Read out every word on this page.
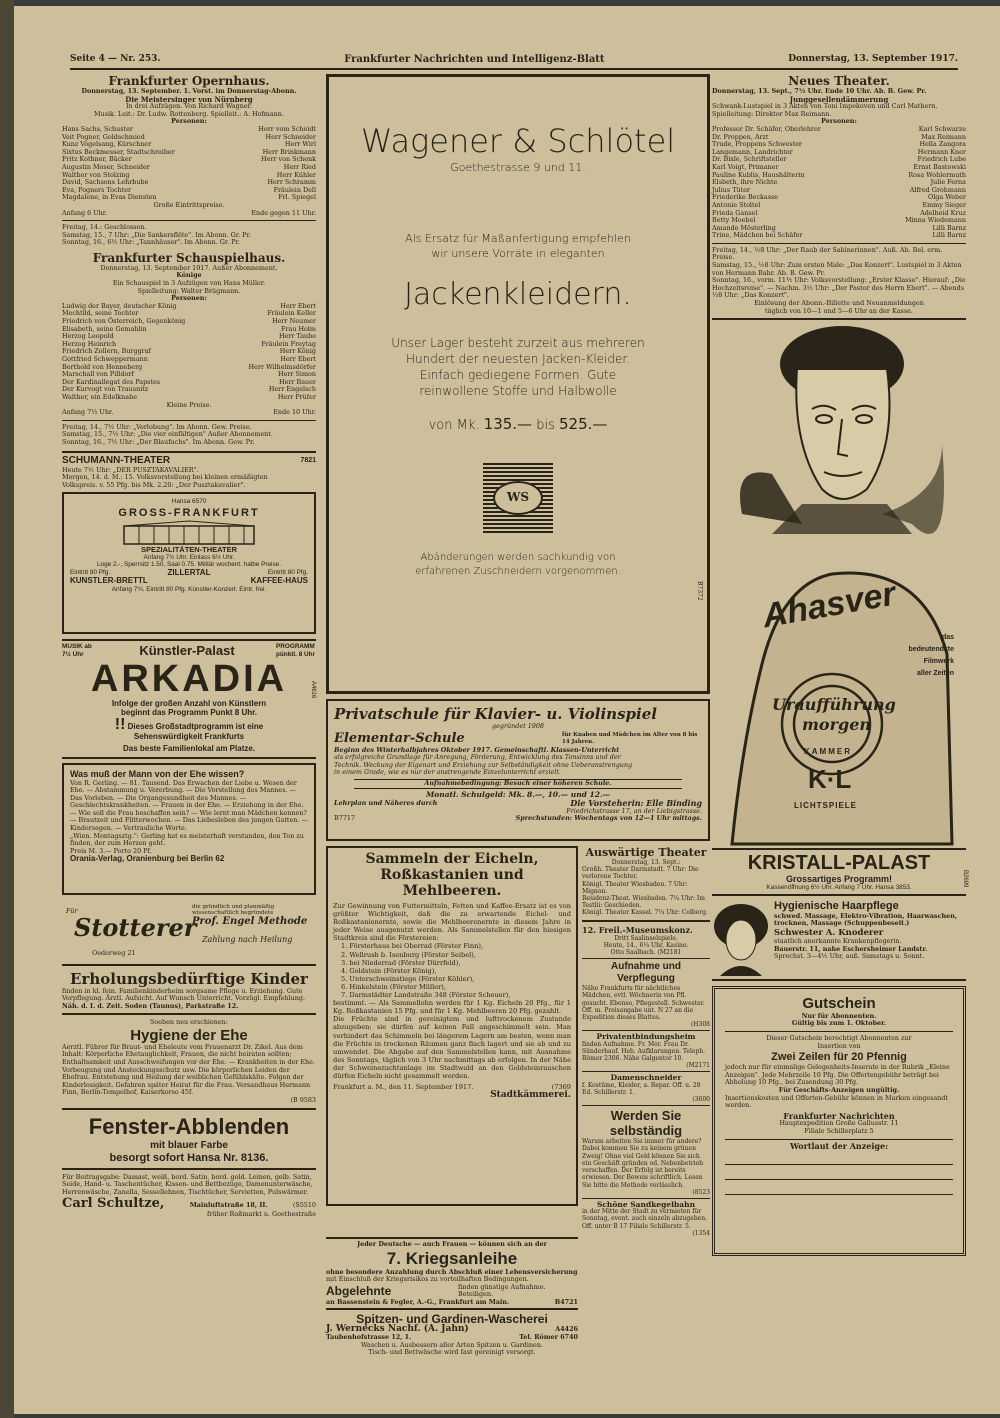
Seite 4 — Nr. 253.	Frankfurter Nachrichten und Intelligenz-Blatt	Donnerstag, 13. September 1917.
Frankfurter Opernhaus.
Donnerstag, 13. September. 1. Vorst. im Donnerstag-Abonn.
Die Meistersinger von Nürnberg
In drei Aufzügen. Von Richard Wagner.
Musik. Leit.: Dr. Ludw. Rottenberg. Spielleit.: A. Hofmann.
Personen:
Hans Sachs, Schuster	Herr vom Scheidt
Veit Pogner, Goldschmied	Herr Schneider
Kunz Vogelsang, Kürschner	Herr Wirl
Sixtus Beckmesser, Stadtschreiber	Herr Brinkmann
Fritz Kothner, Bäcker	Herr von Schenk
Augustin Moser, Schneider	Herr Ried
Walther von Stolzing	Herr Kühler
David, Sachsens Lehrbube	Herr Schramm
Eva, Pogners Tochter	Fräulein Dell
Magdalene, in Evas Diensten	Frl. Spiegel
Große Eintrittspreise.
Anfang 6 Uhr.	Ende gegen 11 Uhr.
Freitag, 14.: Geschlossen.
Samstag, 15., 7 Uhr: „Die Sankersflöte". Im Abonn. Gr. Pr.
Sonntag, 16., 6½ Uhr: „Tannhäuser". Im Abonn. Gr. Pr.
Frankfurter Schauspielhaus.
Donnerstag, 13. September 1917. Außer Abonnement.
Könige
Ein Schauspiel in 3 Aufzügen von Hans Müller.
Spielleitung: Walter Brügmann.
Personen:
Ludwig der Bayer, deutscher König	Herr Ebert
Mechtild, seine Tochter	Fräulein Keller
Friedrich von Österreich, Gegenkönig	Herr Neumer
Elisabeth, seine Gemahlin	Frau Holm
Herzog Leopold	Herr Taube
Herzog Heinrich	Fräulein Freytag
Friedrich Zollern, Burggraf	Herr König
Gottfried Schweppermann	Herr Ebert
Berthold von Henneberg	Herr Wilhelmsdörfer
Marschall von Pilldorf	Herr Simon
Der Kardinallegat des Papstes	Herr Bauer
Der Kurvogt von Trausnitz	Herr Engelsch
Walther, ein Edelknabe	Herr Prüfer
Kleine Preise.
Anfang 7½ Uhr.	Ende 10 Uhr.
Freitag, 14., 7½ Uhr: „Verlobung". Im Abonn. Gew. Preise.
Samstag, 15., 7½ Uhr: „Die vier einfältigen" Außer Abonnement.
Sonntag, 16., 7½ Uhr: „Der Blaufuchs". Im Abonn. Gew. Pr.
SCHUMANN-THEATER	7821
Heute 7½ Uhr: „DER PUSZTAKAVALIER".
Morgen, 14. d. M.: 15. Volksvorstellung bei kleinen ermäßigten
Volkspreis. v. 55 Pfg. bis Mk. 2.20: „Der Pusztakavalier".
Hansa 6570
GROSS-FRANKFURT
SPEZIALITÄTEN-THEATER
Anfang 7½ Uhr. Einlass 6½ Uhr.
Loge 2.-, Sperrsitz 1.50, Saal 0.75. Militär wochent. halbe Preise.
Eintritt 80 Pfg.	ZILLERTAL	Eintritt 80 Pfg.
KUNSTLER-BRETTL	KAFFEE-HAUS
Anfang 7¾. Eintritt 80 Pfg. Künstler-Konzert. Eintr. frei.
MUSIK ab 7½ Uhr	Künstler-Palast	PROGRAMM pünktl. 8 Uhr
ARKADIA
Infolge der großen Anzahl von Künstlern
beginnt das Programm Punkt 8 Uhr.
!! Dieses Großstadtprogramm ist eine
Sehenswürdigkeit Frankfurts
Das beste Familienlokal am Platze.
A4616
Was muß der Mann von der Ehe wissen?
Von R. Gerling. — 81. Tausend. Das Erwachen der Liebe u. Wesen der Ehe. — Abstammung u. Vererbung. — Die Vorstellung des Mannes. — Das Vorleben. — Die Organgesundheit des Mannes. — Geschlechtskrankheiten. — Frauen in der Ehe. — Erziehung in der Ehe. — Wie soll die Frau beschaffen sein? — Wie lernt man Mädchen kennen? — Brautzeit und Flitterwochen. — Das Liebesleben des jungen Gatten. — Kindersegen. — Vertrauliche Worte.
„Wien. Montagsztg.": Gerling hat es meisterhaft verstanden, den Ton zu finden, der zum Herzen geht.
Preis M. 3.— Porto 20 Pf.
Orania-Verlag, Oranienburg bei Berlin 62
Für
Stotterer
die gründlich und planmäßig wissenschaftlich begründete
Prof. Engel Methode
Zahlung nach Heilung
Oederweg 21
Erholungsbedürftige Kinder
finden in kl. fein. Familienkinderheim sorgsame Pflege u. Erziehung. Gute Verpflegung. Ärztl. Aufsicht. Auf Wunsch Unterricht. Vorzügl. Empfehlung.
Näh. d. I. d. Zeit. Soden (Taunus), Parkstraße 12.
Soeben neu erschienen:
Hygiene der Ehe
Aerztl. Führer für Braut- und Eheleute vom Frauenarzt Dr. Zikel. Aus dem Inhalt: Körperliche Ehetauglichkeit, Frauen, die nicht heiraten sollten; Enthaltsamkeit und Ausschweifungen vor der Ehe. — Krankheiten in der Ehe. Vorbeugung und Ansteckungsschutz usw. Die körperlichen Leiden der Ehefrau. Entstehung und Heilung der weiblichen Gefühlskälte. Folgen der Kinderlosigkeit. Gefahren später Heirat für die Frau. Versandhaus Hermann Finn, Berlin-Tempelhof, Kaiserkorso 45f.
(B 9583
Fenster-Abblenden
mit blauer Farbe
besorgt sofort Hansa Nr. 8136.
Für Beitragsgabe: Damast, weiß, bord. Satin, bord. gold. Leinen, gelb. Satin, Seide, Hand- u. Taschentücher, Kissen- und Bettbezüge, Damenunterwäsche, Herrenwäsche, Zanella, Sessellehnen, Tischtücher, Servietten, Pulswärmer.
Carl Schultze,	Mainluftstraße 18, II.	(S5510
früher Roßmarkt u. Goethestraße
Wagener & Schlötel
Goethestrasse 9 und 11.
Als Ersatz für Maßanfertigung empfehlen
wir unsere Vorräte in eleganten
Jackenkleidern.
Unser Lager besteht zurzeit aus mehreren
Hundert der neuesten Jacken-Kleider.
Einfach gediegene Formen. Gute
reinwollene Stoffe und Halbwolle
von Mk. 135.— bis 525.—
WS
Abänderungen werden sachkundig von
erfahrenen Zuschneidern vorgenommen.
B7372
Privatschule für Klavier- u. Violinspiel
gegründet 1908
Elementar-Schule	für Knaben und Mädchen im Alter von 8 bis 14 Jahren.
Beginn des Winterhalbjahres Oktober 1917. Gemeinschaftl. Klassen-Unterricht
als erfolgreiche Grundlage für Anregung, Förderung, Entwicklung des Tonsinns und der
Technik. Weckung der Eigenart und Erziehung zur Selbständigkeit ohne Ueberanstrengung
in einem Grade, wie es nur der anstrengende Einzelunterricht erzielt.
Aufnahmebedingung: Besuch einer höheren Schule.
Monatl. Schulgeld: Mk. 8.—, 10.— und 12.—
Lehrplan und Näheres durch	Die Vorsteherin: Elle Binding
Friedrichstrasse 17, an der Liebigstrasse.
B7717	Sprechstunden: Wochentags von 12—1 Uhr mittags.
Sammeln der Eicheln,
Roßkastanien und Mehlbeeren.
Zur Gewinnung von Futtermitteln, Fetten und Kaffee-Ersatz ist es von größter Wichtigkeit, daß die zu erwartende Eichel- und Roßkastanienernte, sowie die Mehlbeerenernte in diesem Jahre in jeder Weise ausgenutzt werden. Als Sammelstellen für den hiesigen Stadtkreis sind die Förstereien:
1. Försterhaus bei Oberrad (Förster Finn),
2. Wellrush b. Isenburg (Förster Seibel),
3. bei Niederrad (Förster Dürrfeld),
4. Goldstein (Förster König),
5. Unterschweinstiege (Förster Köhler),
6. Hinkelstein (Förster Müller),
7. Darmstädter Landstraße 348 (Förster Scheuer),
bestimmt. — Als Sammellohn werden für 1 Kg. Eicheln 20 Pfg., für 1 Kg. Roßkastanien 15 Pfg. und für 1 Kg. Mehlbeeren 20 Pfg. gezahlt.
Die Früchte sind in gereinigtem und lufttrockenem Zustande abzugeben; sie dürfen auf keinen Fall angeschimmelt sein. Man verhindert das Schimmeln bei längerem Lagern am besten, wenn man die Früchte in trockenen Räumen ganz flach lagert und sie ab und zu umwendet. Die Abgabe auf den Sammelstellen kann, mit Ausnahme des Sonntags, täglich von 3 Uhr nachmittags ab erfolgen. In der Nähe der Schweinezuchtanlage im Stadtwald an den Goldsteinrauschen dürfen Eicheln nicht gesammelt werden.
Frankfurt a. M., den 11. September 1917.	(7369
Stadtkämmerei.
Auswärtige Theater
Donnerstag, 13. Sept.:
Großh. Theater Darmstadt. 7 Uhr: Die verlorene Tochter.
Königl. Theater Wiesbaden. 7 Uhr: Mignon.
Residenz-Theat. Wiesbaden. 7¼ Uhr: Im Testlii: Geschieden.
Königl. Theater Kassel. 7¼ Uhr: Colberg.
12. Freil.-Museumskonz.
Dritt Saalinselspiele.
Heute, 14., 6¼ Uhr, Kasino.
Otto Saalbach. (M2181
Aufnahme und Verpflegung
Nähe Frankfurts für nächtliches Mädchen, evtl. Wöchnerin von Pfl. gesucht. Ebenso, Pflegestell. Schwester. Off. m. Preisangabe unt. N 27 an die Expedition dieses Blattes.
(H308
Privatentbindungsheim
finden Aufnahme. Fr. Mor. Frau Dr. Sünderhauf. Heb. Aufklarungen. Teleph. Römer 2306. Nähe Galgentor 10.
(M2171
Damenschneider
f. Kostüme, Kleider, a. Repar. Off. u. 28 Ed. Schillerstr. 1.
(3600
Werden Sie
selbständig
Warum arbeiten Sie immer für andere? Dabei kommen Sie zu keinem grünen Zweig! Ohne viel Geld können Sie sich ein Geschäft gründen od. Nebenbetrieb verschaffen. Der Erfolg ist bereits erwiesen. Der Beweis schriftlich. Lesen Sie bitte die Methode verlässlich.
(8523
Schöne Sandkegelbahn
in der Mitte der Stadt zu vermieten für Sonntag, event. auch einzeln abzugeben. Off. unter B 17 Filiale Schillerstr. 5.
(1354
Jeder Deutsche — auch Frauen — können sich an der
7. Kriegsanleihe
ohne besondere Anzahlung durch Abschluß einer Lebensversicherung
mit Einschluß der Kriegsrisikos zu vorteilhaften Bedingungen.
Abgelehnte	finden günstige Aufnahme. Beteiligen.
an Bassenstein & Fegler, A.-G., Frankfurt am Main.	B4721
Spitzen- und Gardinen-Wascherei
J. Wernecks Nachf. (A. Jahn)	A4426
Taubenhofstrasse 12, 1.	Tel. Römer 6740
Waschen u. Ausbessern aller Arten Spitzen u. Gardinen.
Tisch- und Bettwäsche wird fast gereinigt versorgt.
Neues Theater.
Donnerstag, 13. Sept., 7½ Uhr. Ende 10 Uhr. Ab. B. Gew. Pr.
Junggesellendämmerung
Schwank-Lustspiel in 3 Akten von Toni Impekoven und Carl Mathern. Spielleitung: Direktor Max Reimann.
Personen:
Professor Dr. Schäfer, Oberlehrer	Karl Schwarze
Dr. Proppen, Arzt	Max Reimann
Trude, Proppens Schwester	Hella Zangora
Langemann, Landrichter	Hermann Kner
Dr. Bixle, Schriftsteller	Friedrich Lube
Karl Voigt, Primaner	Ernst Bastowski
Pauline Kublis, Haushälterin	Rosa Wohlermuth
Elsbeth, ihre Nichte	Julie Ferna
Julius Tüter	Alfred Grohmann
Friederike Beckasse	Olga Weber
Antonie Stoltel	Emmy Sieger
Frieda Gansel	Adelheid Kruz
Betty Moebel	Minna Wiedemann
Amande Mösterling	Lilli Barnz
Trine, Mädchen bei Schäfer	Lilli Barnz
Freitag, 14., ½8 Uhr: „Der Raub der Sabinerinnen". Auß. Ab. Bel. erm. Preise.
Samstag, 15., ½8 Uhr: Zum ersten Male: „Das Konzert". Lustspiel in 3 Akten von Hermann Bahr. Ab. B. Gew. Pr.
Sonntag, 16., vorm. 11½ Uhr: Volksvorstellung: „Erster Klasse". Hierauf: „Die Hochzeitsreise". — Nachm. 3½ Uhr: „Der Pastor des Herrn Ebert". — Abends ½8 Uhr: „Das Konzert".
Einlösung der Abonn.-Billette und Neuanmeldungen
täglich von 10—1 und 5—6 Uhr an der Kasse.
Ahasver
das
bedeutendste
Filmwerk
aller Zeiten
Uraufführung
morgen
KAMMER
K·L
LICHTSPIELE
KRISTALL-PALAST
Grossartiges Programm!
Kassenöffnung 6½ Uhr. Anfang 7 Uhr. Hansa 3853.
B2699
Hygienische Haarpflege
schwed. Massage, Elektro-Vibration, Haarwaschen, trocknen, Massage (Schuppenbeseit.)
Schwester A. Knoderer
staatlich anerkannte Krankenpflegerin.
Bauerstr. 11, nahe Eschersheimer Landstr.
Sprechst. 3—4½ Uhr, auß. Samstags u. Sonnt.
Gutschein
Nur für Abonnenten.
Gültig bis zum 1. Oktober.
Dieser Gutschein berechtigt Abonnenten zur
Insertion von
Zwei Zeilen für 20 Pfennig
jedoch nur für einmalige Gelegenheits-Inserate in der Rubrik „Kleine Anzeigen". Jede Mehrzeile 10 Pfg. Die Offertengebühr beträgt bei Abholung 10 Pfg., bei Zusendung 30 Pfg.
Für Geschäfts-Anzeigen ungültig.
Insertionskosten und Offerten-Gebühr können in Marken eingesandt werden.
Frankfurter Nachrichten
Hauptexpedition Große Gallusstr. 11
Filiale Schillerplatz 5
Wortlaut der Anzeige:
